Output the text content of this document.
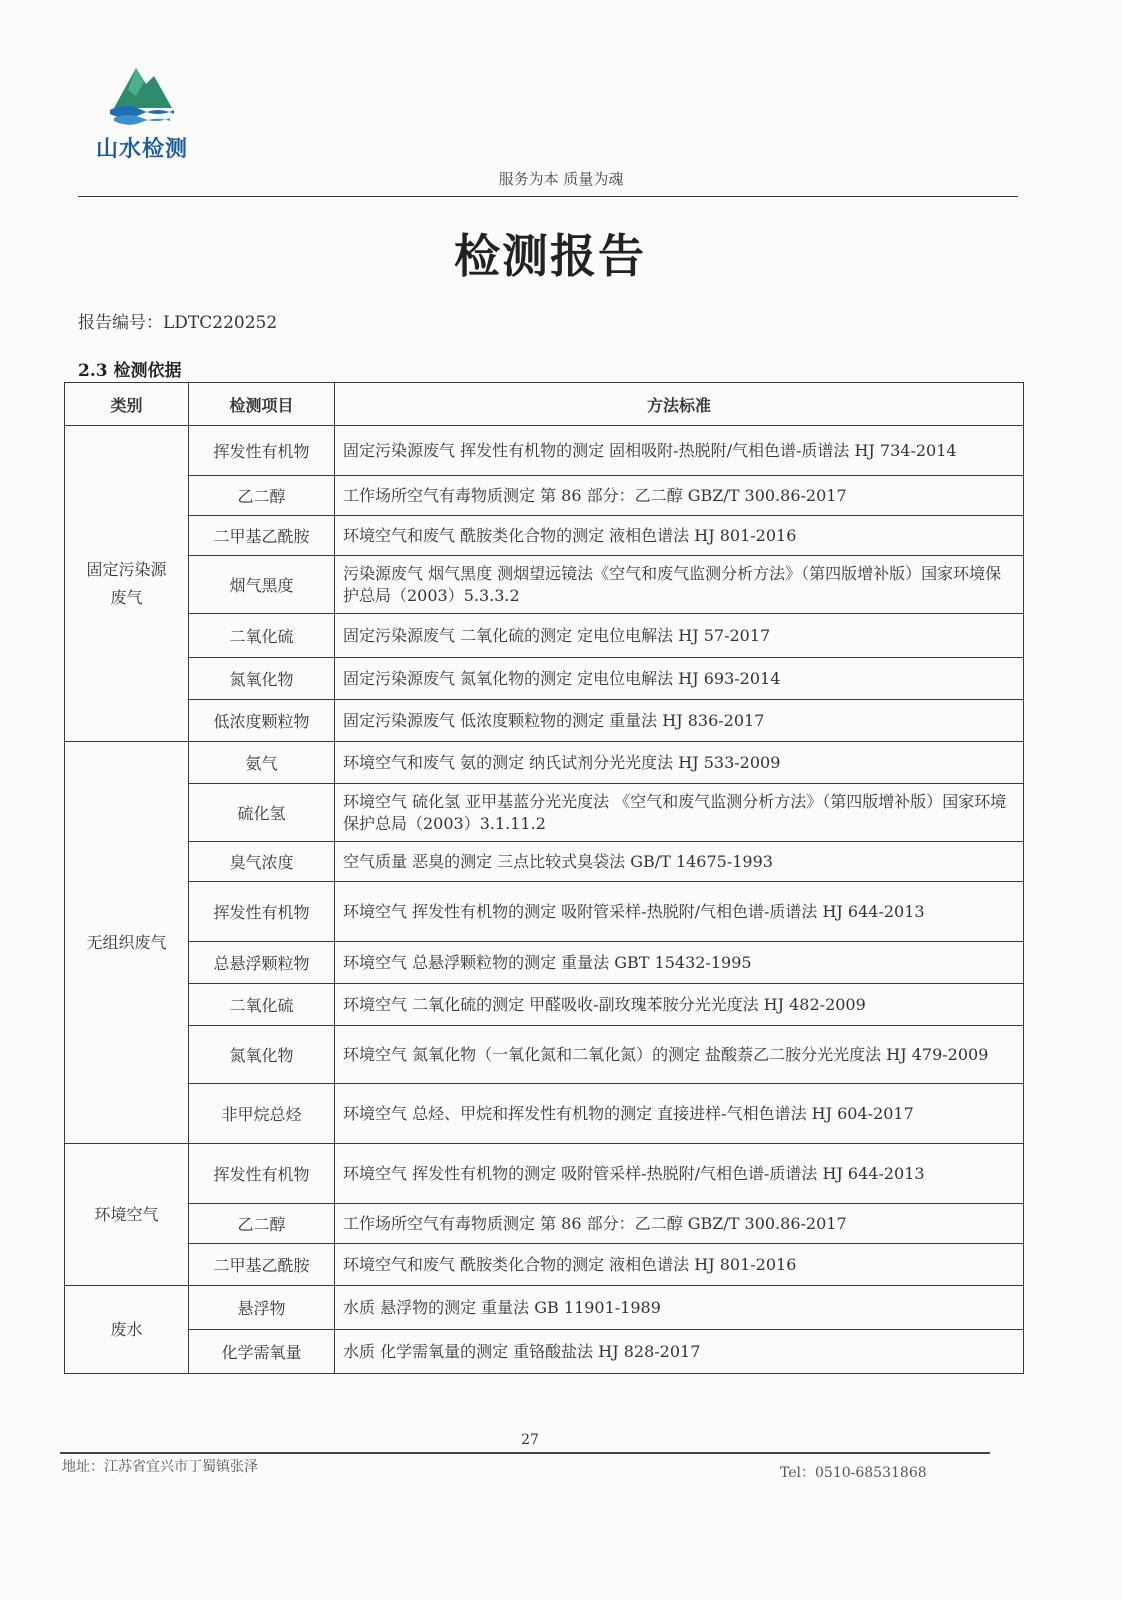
山水检测
服务为本 质量为魂
检测报告
报告编号：LDTC220252
2.3 检测依据
类别	检测项目	方法标准
固定污染源
废气	挥发性有机物	固定污染源废气 挥发性有机物的测定 固相吸附-热脱附/气相色谱-质谱法 HJ 734-2014
	乙二醇	工作场所空气有毒物质测定 第 86 部分：乙二醇 GBZ/T 300.86-2017
	二甲基乙酰胺	环境空气和废气 酰胺类化合物的测定 液相色谱法 HJ 801-2016
	烟气黑度	污染源废气 烟气黑度 测烟望远镜法《空气和废气监测分析方法》（第四版增补版）国家环境保护总局（2003）5.3.3.2
	二氧化硫	固定污染源废气 二氧化硫的测定 定电位电解法 HJ 57-2017
	氮氧化物	固定污染源废气 氮氧化物的测定 定电位电解法 HJ 693-2014
	低浓度颗粒物	固定污染源废气 低浓度颗粒物的测定 重量法 HJ 836-2017
无组织废气	氨气	环境空气和废气 氨的测定 纳氏试剂分光光度法 HJ 533-2009
	硫化氢	环境空气 硫化氢 亚甲基蓝分光光度法 《空气和废气监测分析方法》（第四版增补版）国家环境保护总局（2003）3.1.11.2
	臭气浓度	空气质量 恶臭的测定 三点比较式臭袋法 GB/T 14675-1993
	挥发性有机物	环境空气 挥发性有机物的测定 吸附管采样-热脱附/气相色谱-质谱法 HJ 644-2013
	总悬浮颗粒物	环境空气 总悬浮颗粒物的测定 重量法 GBT 15432-1995
	二氧化硫	环境空气 二氧化硫的测定 甲醛吸收-副玫瑰苯胺分光光度法 HJ 482-2009
	氮氧化物	环境空气 氮氧化物（一氧化氮和二氧化氮）的测定 盐酸萘乙二胺分光光度法 HJ 479-2009
	非甲烷总烃	环境空气 总烃、甲烷和挥发性有机物的测定 直接进样-气相色谱法 HJ 604-2017
环境空气	挥发性有机物	环境空气 挥发性有机物的测定 吸附管采样-热脱附/气相色谱-质谱法 HJ 644-2013
	乙二醇	工作场所空气有毒物质测定 第 86 部分：乙二醇 GBZ/T 300.86-2017
	二甲基乙酰胺	环境空气和废气 酰胺类化合物的测定 液相色谱法 HJ 801-2016
废水	悬浮物	水质 悬浮物的测定 重量法 GB 11901-1989
	化学需氧量	水质 化学需氧量的测定 重铬酸盐法 HJ 828-2017
27
地址：江苏省宜兴市丁蜀镇张泽	Tel：0510-68531868
